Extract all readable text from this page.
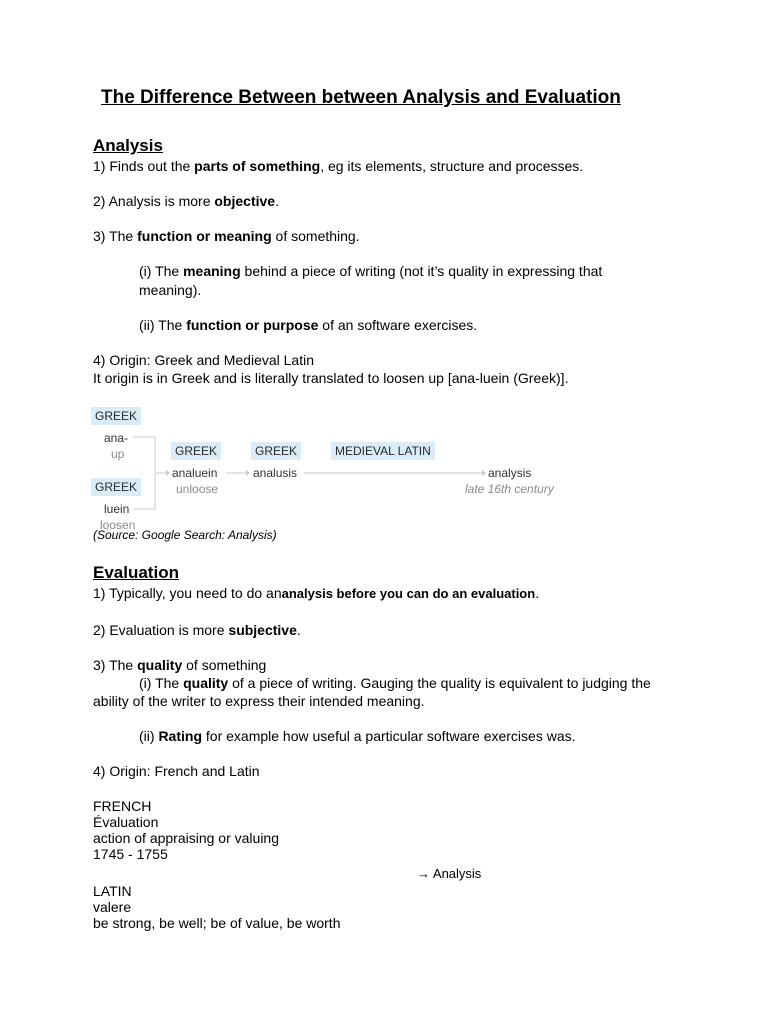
The Difference Between between Analysis and Evaluation
Analysis
1) Finds out the parts of something, eg its elements, structure and processes.
2) Analysis is more objective.
3) The function or meaning of something.
(i) The meaning behind a piece of writing (not it’s quality in expressing that
meaning).
(ii) The function or purpose of an software exercises.
4) Origin: Greek and Medieval Latin
It origin is in Greek and is literally translated to loosen up [ana-luein (Greek)].
GREEK
ana-
up
GREEK
luein
loosen
GREEK
analuein
unloose
GREEK
analusis
MEDIEVAL LATIN
analysis
late 16th century
(Source: Google Search: Analysis)
Evaluation
1) Typically, you need to do ananalysis before you can do an evaluation.
2) Evaluation is more subjective.
3) The quality of something
(i) The quality of a piece of writing. Gauging the quality is equivalent to judging the
ability of the writer to express their intended meaning.
(ii) Rating for example how useful a particular software exercises was.
4) Origin: French and Latin
FRENCH
Évaluation
action of appraising or valuing
1745 - 1755
→ Analysis
LATIN
valere
be strong, be well; be of value, be worth
